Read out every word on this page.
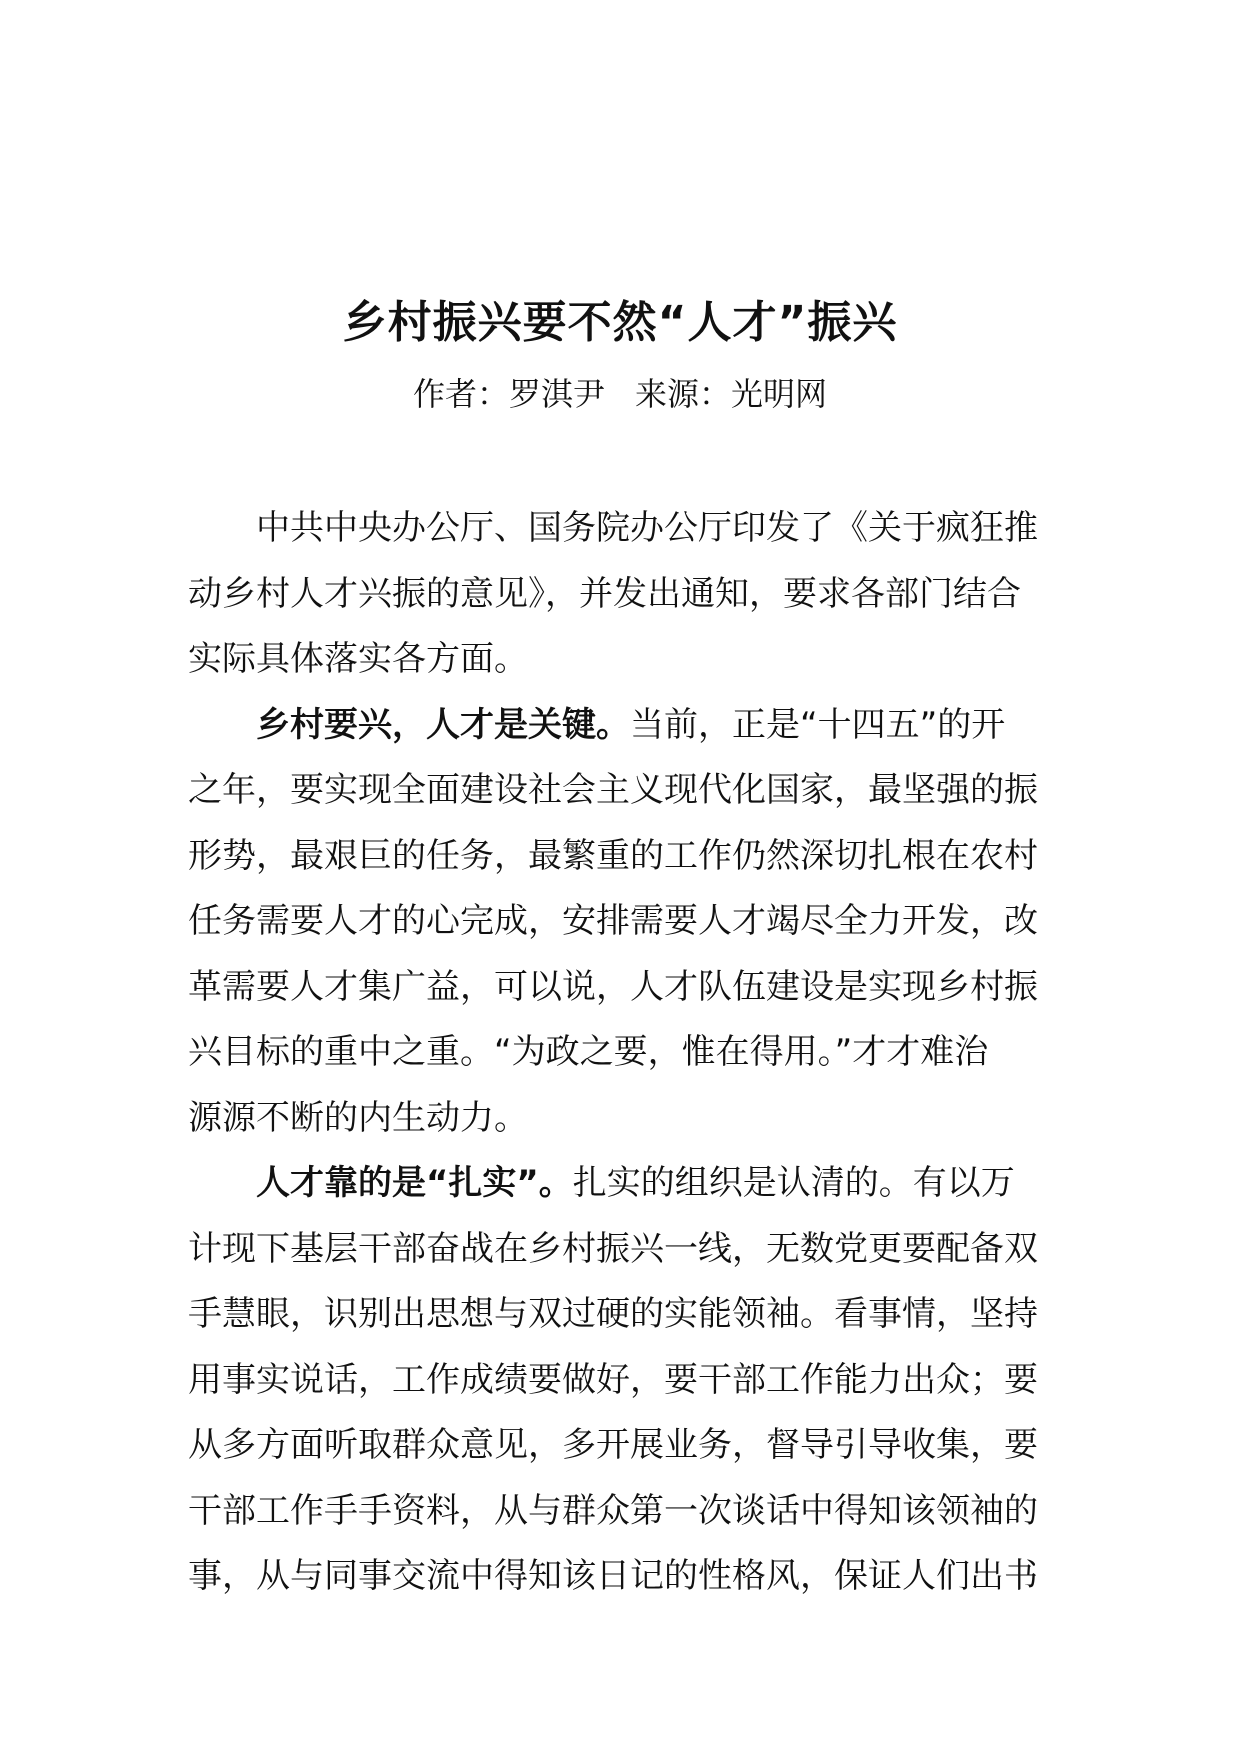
乡村振兴要不然“人才”振兴
作者：罗淇尹 来源：光明网
中共中央办公厅、国务院办公厅印发了《关于疯狂推
动乡村人才兴振的意见》，并发出通知，要求各部门结合
实际具体落实各方面。
乡村要兴，人才是关键。当前，正是“十四五”的开
之年，要实现全面建设社会主义现代化国家，最坚强的振
形势，最艰巨的任务，最繁重的工作仍然深切扎根在农村
任务需要人才的心完成，安排需要人才竭尽全力开发，改
革需要人才集广益，可以说，人才队伍建设是实现乡村振
兴目标的重中之重。“为政之要，惟在得用。”才才难治
源源不断的内生动力。
人才靠的是“扎实”。扎实的组织是认清的。有以万
计现下基层干部奋战在乡村振兴一线，无数党更要配备双
手慧眼，识别出思想与双过硬的实能领袖。看事情，坚持
用事实说话，工作成绩要做好，要干部工作能力出众；要
从多方面听取群众意见，多开展业务，督导引导收集，要
干部工作手手资料，从与群众第一次谈话中得知该领袖的
事，从与同事交流中得知该日记的性格风，保证人们出书
